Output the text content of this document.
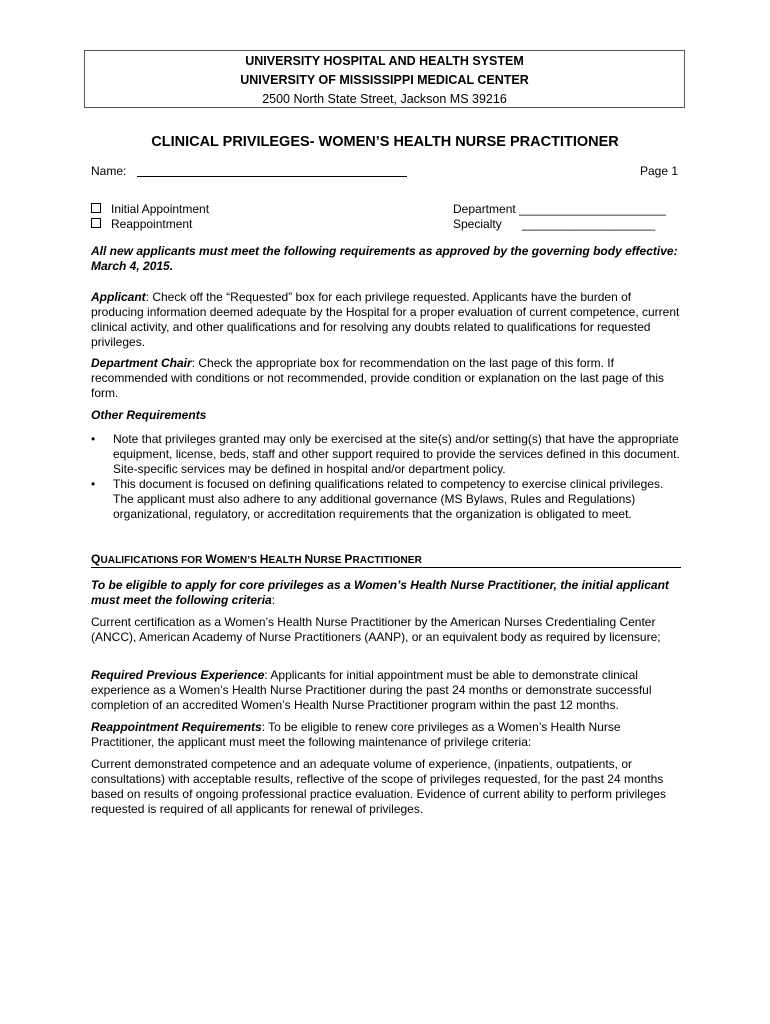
UNIVERSITY HOSPITAL AND HEALTH SYSTEM
UNIVERSITY OF MISSISSIPPI MEDICAL CENTER
2500 North State Street, Jackson MS 39216
CLINICAL PRIVILEGES- WOMEN’S HEALTH NURSE PRACTITIONER
Name:	Page 1
Initial Appointment
Reappointment
Department ______________________
Specialty      ____________________
All new applicants must meet the following requirements as approved by the governing body effective: March 4, 2015.
Applicant: Check off the “Requested” box for each privilege requested. Applicants have the burden of producing information deemed adequate by the Hospital for a proper evaluation of current competence, current clinical activity, and other qualifications and for resolving any doubts related to qualifications for requested privileges.
Department Chair: Check the appropriate box for recommendation on the last page of this form. If recommended with conditions or not recommended, provide condition or explanation on the last page of this form.
Other Requirements
• Note that privileges granted may only be exercised at the site(s) and/or setting(s) that have the appropriate equipment, license, beds, staff and other support required to provide the services defined in this document. Site-specific services may be defined in hospital and/or department policy.
• This document is focused on defining qualifications related to competency to exercise clinical privileges. The applicant must also adhere to any additional governance (MS Bylaws, Rules and Regulations) organizational, regulatory, or accreditation requirements that the organization is obligated to meet.
QUALIFICATIONS FOR WOMEN’S HEALTH NURSE PRACTITIONER
To be eligible to apply for core privileges as a Women’s Health Nurse Practitioner, the initial applicant must meet the following criteria:
Current certification as a Women’s Health Nurse Practitioner by the American Nurses Credentialing Center (ANCC), American Academy of Nurse Practitioners (AANP), or an equivalent body as required by licensure;
Required Previous Experience: Applicants for initial appointment must be able to demonstrate clinical experience as a Women’s Health Nurse Practitioner during the past 24 months or demonstrate successful completion of an accredited Women’s Health Nurse Practitioner program within the past 12 months.
Reappointment Requirements: To be eligible to renew core privileges as a Women’s Health Nurse Practitioner, the applicant must meet the following maintenance of privilege criteria:
Current demonstrated competence and an adequate volume of experience, (inpatients, outpatients, or consultations) with acceptable results, reflective of the scope of privileges requested, for the past 24 months based on results of ongoing professional practice evaluation. Evidence of current ability to perform privileges requested is required of all applicants for renewal of privileges.
